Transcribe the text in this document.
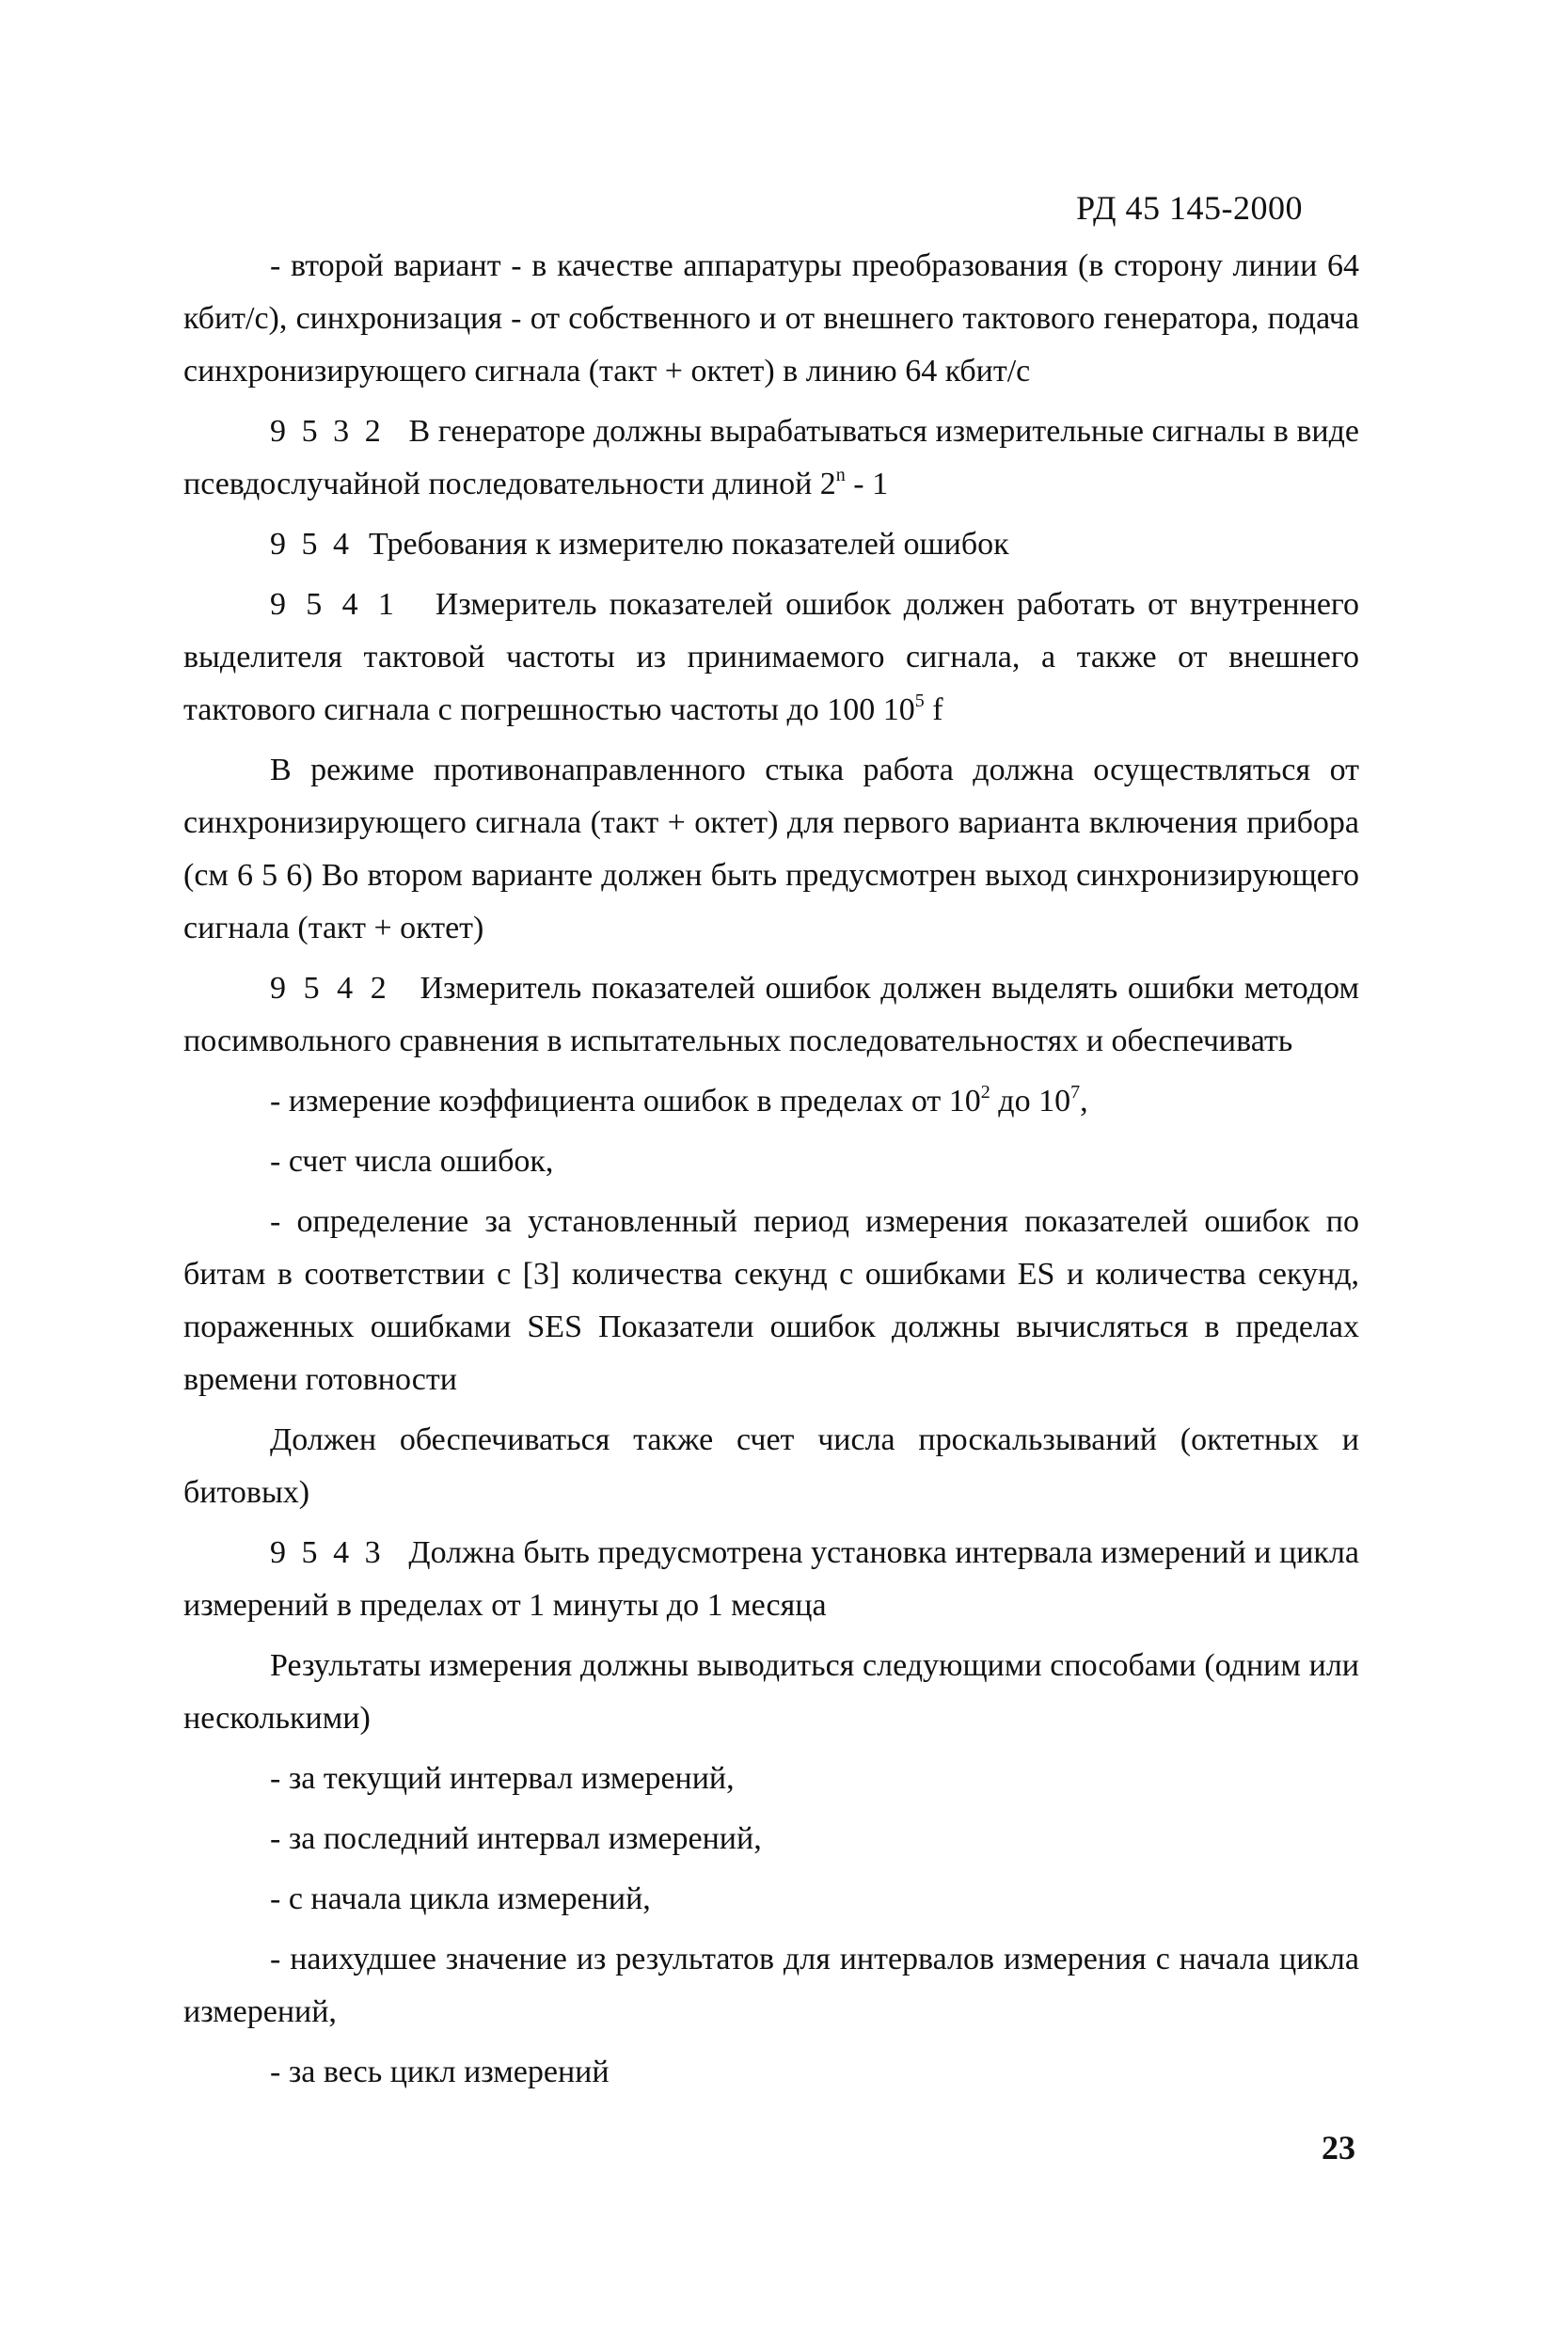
РД 45 145-2000

- второй вариант - в качестве аппаратуры преобразования (в сторону линии 64 кбит/с), синхронизация - от собственного и от внешнего тактового генератора, подача синхронизирующего сигнала (такт + октет) в линию 64 кбит/с

9 5 3 2 В генераторе должны вырабатываться измерительные сигналы в виде псевдослучайной последовательности длиной 2$^n$ - 1

9 5 4 Требования к измерителю показателей ошибок

9 5 4 1 Измеритель показателей ошибок должен работать от внутреннего выделителя тактовой частоты из принимаемого сигнала, а также от внешнего тактового сигнала с погрешностью частоты до 100 $10^5$ f

В режиме противонаправленного стыка работа должна осуществляться от синхронизирующего сигнала (такт + октет) для первого варианта включения прибора (см 6 5 6) Во втором варианте должен быть предусмотрен выход синхронизирующего сигнала (такт + октет)

9 5 4 2 Измеритель показателей ошибок должен выделять ошибки методом посимвольного сравнения в испытательных последовательностях и обеспечивать

- измерение коэффициента ошибок в пределах от $10^2$ до $10^7$,

- счет числа ошибок,

- определение за установленный период измерения показателей ошибок по битам в соответствии с [3] количества секунд с ошибками ES и количества секунд, пораженных ошибками SES Показатели ошибок должны вычисляться в пределах времени готовности

Должен обеспечиваться также счет числа проскальзываний (октетных и битовых)

9 5 4 3 Должна быть предусмотрена установка интервала измерений и цикла измерений в пределах от 1 минуты до 1 месяца

Результаты измерения должны выводиться следующими способами (одним или несколькими)

- за текущий интервал измерений,

- за последний интервал измерений,

- с начала цикла измерений,

- наихудшее значение из результатов для интервалов измерения с начала цикла измерений,

- за весь цикл измерений

23
